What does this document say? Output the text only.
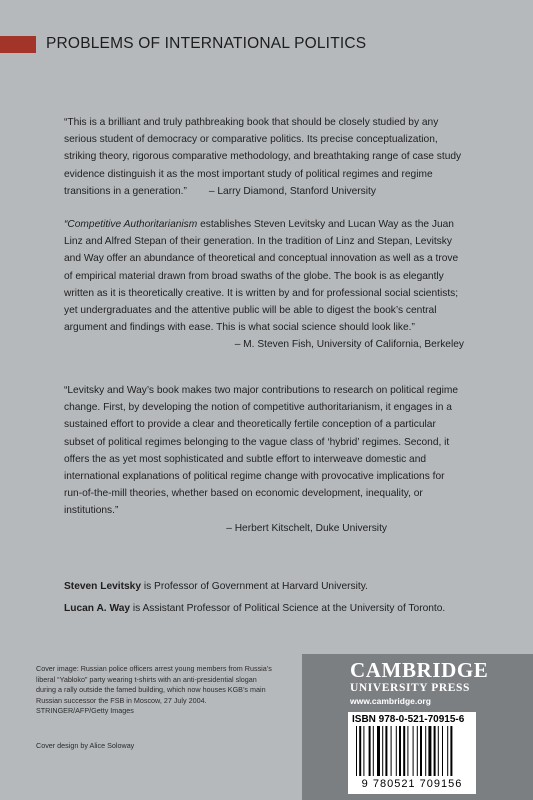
PROBLEMS OF INTERNATIONAL POLITICS

“This is a brilliant and truly pathbreaking book that should be closely studied by any serious student of democracy or comparative politics. Its precise conceptualization, striking theory, rigorous comparative methodology, and breathtaking range of case study evidence distinguish it as the most important study of political regimes and regime transitions in a generation.” – Larry Diamond, Stanford University

“Competitive Authoritarianism establishes Steven Levitsky and Lucan Way as the Juan Linz and Alfred Stepan of their generation. In the tradition of Linz and Stepan, Levitsky and Way offer an abundance of theoretical and conceptual innovation as well as a trove of empirical material drawn from broad swaths of the globe. The book is as elegantly written as it is theoretically creative. It is written by and for professional social scientists; yet undergraduates and the attentive public will be able to digest the book’s central argument and findings with ease. This is what social science should look like.”
– M. Steven Fish, University of California, Berkeley

“Levitsky and Way’s book makes two major contributions to research on political regime change. First, by developing the notion of competitive authoritarianism, it engages in a
sustained effort to provide a clear and theoretically fertile conception of a particular subset of political regimes belonging to the vague class of ‘hybrid’ regimes. Second, it offers the as yet most sophisticated and subtle effort to interweave domestic and international explanations of political regime change with provocative implications for run-of-the-mill theories, whether based on economic development, inequality, or institutions.”
– Herbert Kitschelt, Duke University

Steven Levitsky is Professor of Government at Harvard University.

Lucan A. Way is Assistant Professor of Political Science at the University of Toronto.

Cover image: Russian police officers arrest young members from Russia’s liberal “Yabloko” party wearing t-shirts with an anti-presidential slogan during a rally outside the famed building, which now houses KGB’s main Russian successor the FSB in Moscow, 27 July 2004. STRINGER/AFP/Getty Images

Cover design by Alice Soloway

CAMBRIDGE
UNIVERSITY PRESS
www.cambridge.org
ISBN 978-0-521-70915-6
9 780521 709156
